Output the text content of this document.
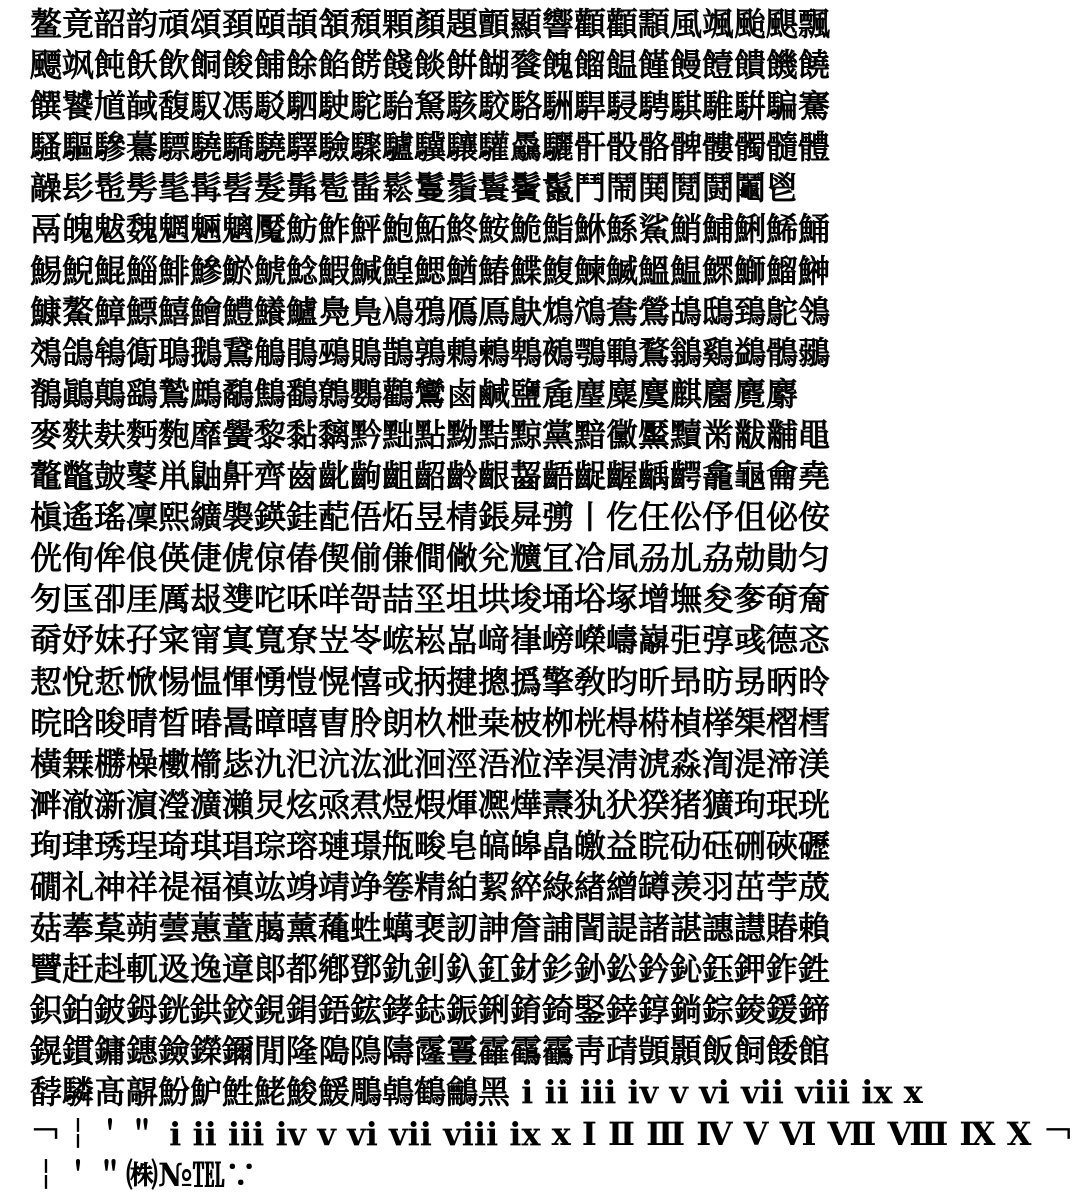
鳌竟韶韵頑頌頚頤頡頷頹顆顏題顫顯響顴顴顬風颯颱颶飄
飃飒飩飫飲餇餕餔餘餡餝餞餤餠餬餮餽餾饂饉饅饐饋饑饒
饌饕馗馘馥馭馮駁駟駛駝駘駑駭駮駱駲駻駸騁騏騅騈騙騫
騷驅驂驀驃驍驕驍驛驗驟驢驥驤驩驫驪骭骰骼髀髏髑髓體
髞髟髢髣髦髯髫髮髴髱髷鬆鬘鬚鬟鬢鬣鬥鬧鬨鬩鬪鬮鬯
鬲魄魃魏魍魎魑魘魴鮓鮃鮑鮖鮗鮟鮠鮨鮴鯀鯊鮹鯆鯏鯑鯒
鯣鯢鯤鯔鯡鰺鯲鯱鯰鰕鰔鰉鰓鰌鰆鰈鰒鰊鰄鰮鰛鰥鰤鰡鰰
鱇鰲鱆鰾鱚鱠鱧鱶鱸鳧鳬鳰鴉鴈鳫鴃鴆鴪鴦鶯鴣鴟鵄鴕鴒
鵁鴿鴾鵆鵈鵝鵞鵤鵑鵐鵙鵲鶉鶇鶫鵯鵺鶚鶤鶩鶲鷄鷁鶻鶸
鶺鷆鷏鷂鷙鷓鷸鷦鷭鷯鸚鸛鸞鹵鹹鹽麁麈麋麌麒麕麑麝
麥麩麸麪麭靡黌黎黏黐黔黜點黝黠黥黨黯黴黶黷黹黻黼黽
鼇鼈皷鼕鼡鼬鼾齊齒齔齣齟齠齡齦齧齬齪齷齲齶龕龜龠堯
槇遙瑤凜熙纊褜鍈銈蓜俉炻昱棈鋹曻彅丨仡仼伀伃伹佖侒
侊侚侔俍偀倢俿倞偆偰偂傔僴僘兊兤冝冾凬刕劜劦勀勛匀
匇匤卲厓厲叝﨎咜咊咩哿喆坙坥垬埈埇﨏塚增墲夋奓奛奝
奣妤妺孖寀甯寘寬尞岦岺峵崧嵓﨑嵂嵭嶸嶹巐弡弴彧德忞
恝悅悊惞惕愠惲愑愷愰憘戓抦揵摠撝擎敎昀昕昻昉昮昞昤
晥晗晙晴晳暙暠暲暿曺朎朗杦枻桒柀栁桄棏﨓楨﨔榘槢樰
橫橆橳橾櫢櫤毖氿汜沆汯泚洄涇浯涖涬淏淸淲淼渹湜渧渼
溿澈澵濵瀅瀇瀨炅炫焏焄煜煆煇凞燁燾犱犾猤猪獷玽珉珖
珣珒琇珵琦琪琩琮瑢璉璟甁畯皂皜皞皛皦益睆劯砡硎硤礰
礀礼神祥禔福禛竑竧靖竫箞精絈絜綷綠緖繒罇羡羽茁荢荿
菇菶葈蒴蕓蕙蕫﨟薰蘒﨡蠇裵訒訷詹誧誾諟諸諶譓譿賰賴
贒赶﨣軏﨤逸遧郞都鄕鄧釚釗釞釭釮釤釥鈆鈐鈊鈺鉀鈼鉎
鉙鉑鈹鉧銧鉷鉸鋧鋗鋙鋐﨧鋕鋠鋓錥錡鋻﨨錞鋿錝錂鍰鍗
鎤鏆鏞鏸鐱鑅鑈閒隆﨩隝隯霳霻靃靍靏靑靕顗顥飯飼餧館
馞驎髙髜魵魲鮏鮱鮻鰀鵰鵫鶴鸙黑 ⅰ ⅱ ⅲ ⅳ ⅴ ⅵ ⅶ ⅷ ⅸ ⅹ
￢￤＇＂ ⅰ ⅱ ⅲ ⅳ ⅴ ⅵ ⅶ ⅷ ⅸ ⅹ Ⅰ Ⅱ Ⅲ Ⅳ Ⅴ Ⅵ Ⅶ Ⅷ Ⅸ Ⅹ ￢
￤＇＂㈱№℡∵
